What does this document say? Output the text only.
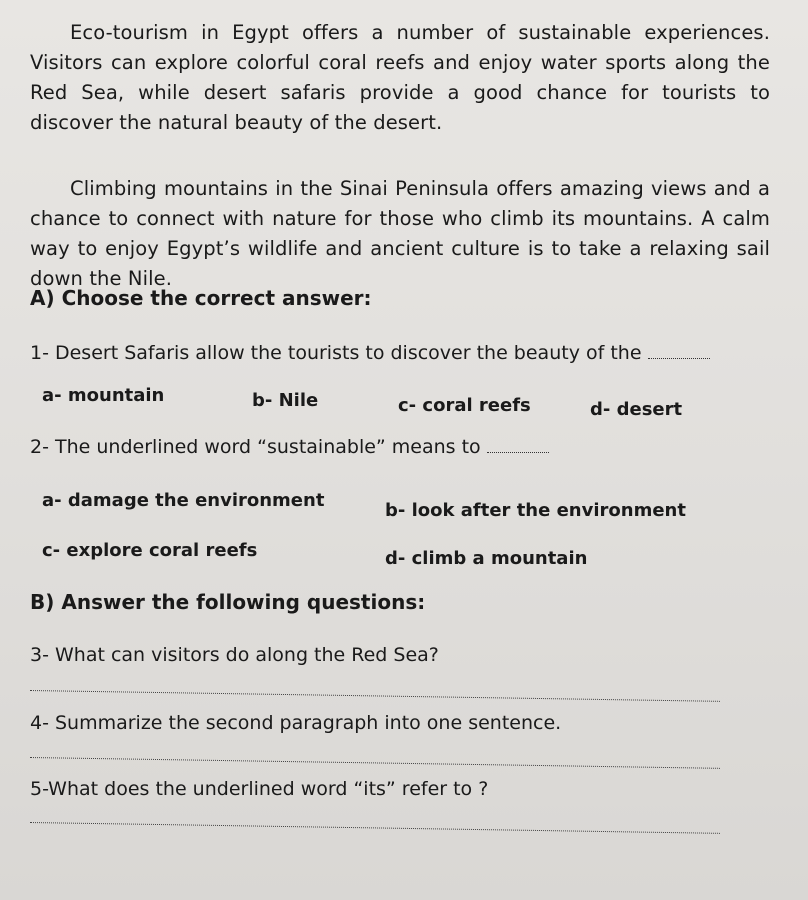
Eco-tourism in Egypt offers a number of sustainable experiences. Visitors can explore colorful coral reefs and enjoy water sports along the Red Sea, while desert safaris provide a good chance for tourists to discover the natural beauty of the desert.
Climbing mountains in the Sinai Peninsula offers amazing views and a chance to connect with nature for those who climb its mountains. A calm way to enjoy Egypt’s wildlife and ancient culture is to take a relaxing sail down the Nile.
A) Choose the correct answer:
1- Desert Safaris allow the tourists to discover the beauty of the
a- mountain	b- Nile	c- coral reefs	d- desert
2- The underlined word “sustainable” means to
a- damage the environment	b- look after the environment
c- explore coral reefs	d- climb a mountain
B) Answer the following questions:
3- What can visitors do along the Red Sea?
4- Summarize the second paragraph into one sentence.
5-What does the underlined word “its” refer to ?
